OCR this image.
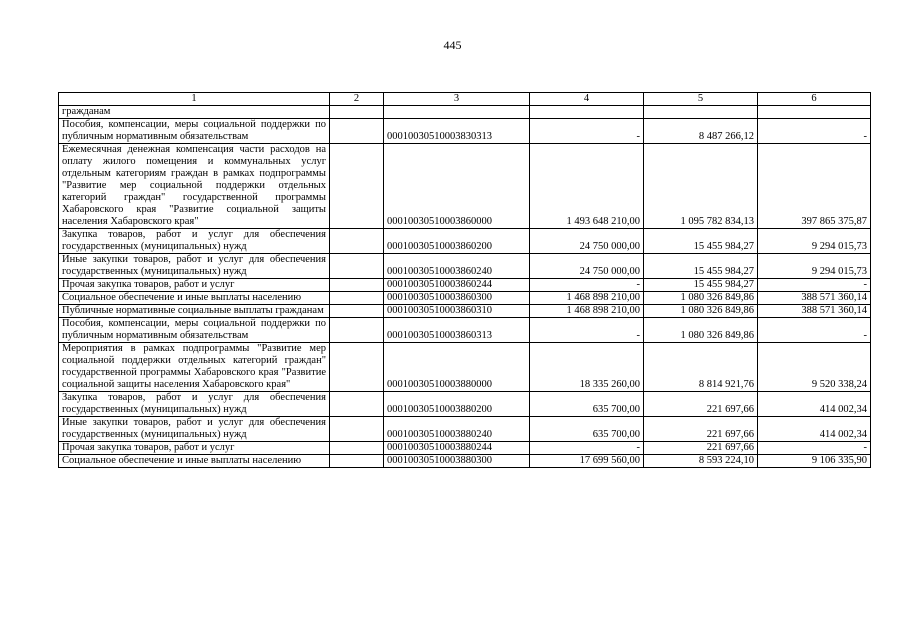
445
1	2	3	4	5	6
гражданам					
Пособия, компенсации, меры социальной поддержки по публичным нормативным обязательствам		00010030510003830313	-	8 487 266,12	-
Ежемесячная денежная компенсация части расходов на оплату жилого помещения и коммунальных услуг отдельным категориям граждан в рамках подпрограммы "Развитие мер социальной поддержки отдельных категорий граждан" государственной программы Хабаровского края "Развитие социальной защиты населения Хабаровского края"		00010030510003860000	1 493 648 210,00	1 095 782 834,13	397 865 375,87
Закупка товаров, работ и услуг для обеспечения государственных (муниципальных) нужд		00010030510003860200	24 750 000,00	15 455 984,27	9 294 015,73
Иные закупки товаров, работ и услуг для обеспечения государственных (муниципальных) нужд		00010030510003860240	24 750 000,00	15 455 984,27	9 294 015,73
Прочая закупка товаров, работ и услуг		00010030510003860244	-	15 455 984,27	-
Социальное обеспечение и иные выплаты населению		00010030510003860300	1 468 898 210,00	1 080 326 849,86	388 571 360,14
Публичные нормативные социальные выплаты гражданам		00010030510003860310	1 468 898 210,00	1 080 326 849,86	388 571 360,14
Пособия, компенсации, меры социальной поддержки по публичным нормативным обязательствам		00010030510003860313	-	1 080 326 849,86	-
Мероприятия в рамках подпрограммы "Развитие мер социальной поддержки отдельных категорий граждан" государственной программы Хабаровского края "Развитие социальной защиты населения Хабаровского края"		00010030510003880000	18 335 260,00	8 814 921,76	9 520 338,24
Закупка товаров, работ и услуг для обеспечения государственных (муниципальных) нужд		00010030510003880200	635 700,00	221 697,66	414 002,34
Иные закупки товаров, работ и услуг для обеспечения государственных (муниципальных) нужд		00010030510003880240	635 700,00	221 697,66	414 002,34
Прочая закупка товаров, работ и услуг		00010030510003880244	-	221 697,66	-
Социальное обеспечение и иные выплаты населению		00010030510003880300	17 699 560,00	8 593 224,10	9 106 335,90
